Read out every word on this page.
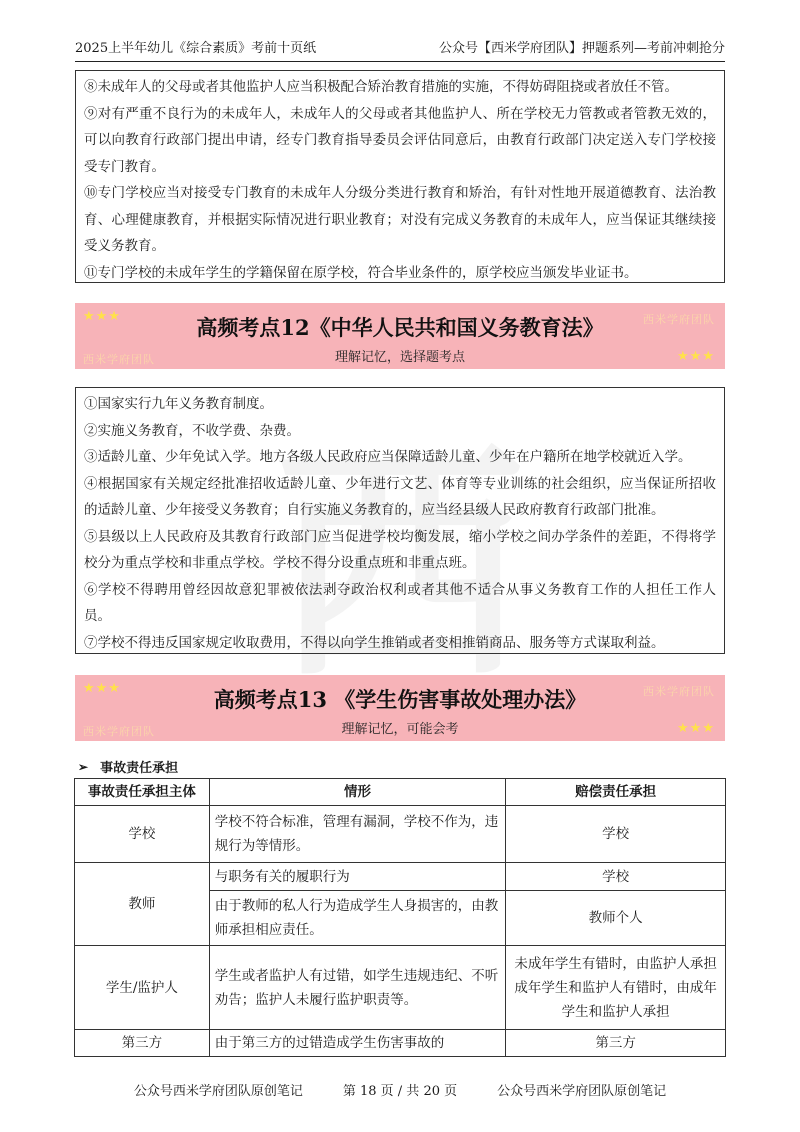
2025上半年幼儿《综合素质》考前十页纸	公众号【西米学府团队】押题系列—考前冲刺抢分

⑧未成年人的父母或者其他监护人应当积极配合矫治教育措施的实施，不得妨碍阻挠或者放任不管。

⑨对有严重不良行为的未成年人，未成年人的父母或者其他监护人、所在学校无力管教或者管教无效的，可以向教育行政部门提出申请，经专门教育指导委员会评估同意后，由教育行政部门决定送入专门学校接受专门教育。

⑩专门学校应当对接受专门教育的未成年人分级分类进行教育和矫治，有针对性地开展道德教育、法治教育、心理健康教育，并根据实际情况进行职业教育；对没有完成义务教育的未成年人，应当保证其继续接受义务教育。

⑪专门学校的未成年学生的学籍保留在原学校，符合毕业条件的，原学校应当颁发毕业证书。

★★★	西米学府团队
高频考点12《中华人民共和国义务教育法》
西米学府团队	理解记忆，选择题考点	★★★

①国家实行九年义务教育制度。

②实施义务教育，不收学费、杂费。

③适龄儿童、少年免试入学。地方各级人民政府应当保障适龄儿童、少年在户籍所在地学校就近入学。

④根据国家有关规定经批准招收适龄儿童、少年进行文艺、体育等专业训练的社会组织，应当保证所招收的适龄儿童、少年接受义务教育；自行实施义务教育的，应当经县级人民政府教育行政部门批准。

⑤县级以上人民政府及其教育行政部门应当促进学校均衡发展，缩小学校之间办学条件的差距，不得将学校分为重点学校和非重点学校。学校不得分设重点班和非重点班。

⑥学校不得聘用曾经因故意犯罪被依法剥夺政治权利或者其他不适合从事义务教育工作的人担任工作人员。

⑦学校不得违反国家规定收取费用，不得以向学生推销或者变相推销商品、服务等方式谋取利益。

★★★	西米学府团队
高频考点13 《学生伤害事故处理办法》
西米学府团队	理解记忆，可能会考	★★★
➢ 事故责任承担
事故责任承担主体	情形	赔偿责任承担
学校	学校不符合标准，管理有漏洞，学校不作为，违规行为等情形。	学校
教师	与职务有关的履职行为	学校
	由于教师的私人行为造成学生人身损害的，由教师承担相应责任。	教师个人
学生/监护人	学生或者监护人有过错，如学生违规违纪、不听劝告；监护人未履行监护职责等。	未成年学生有错时，由监护人承担成年学生和监护人有错时，由成年学生和监护人承担
第三方	由于第三方的过错造成学生伤害事故的	第三方
公众号西米学府团队原创笔记	第 18 页 / 共 20 页	公众号西米学府团队原创笔记
